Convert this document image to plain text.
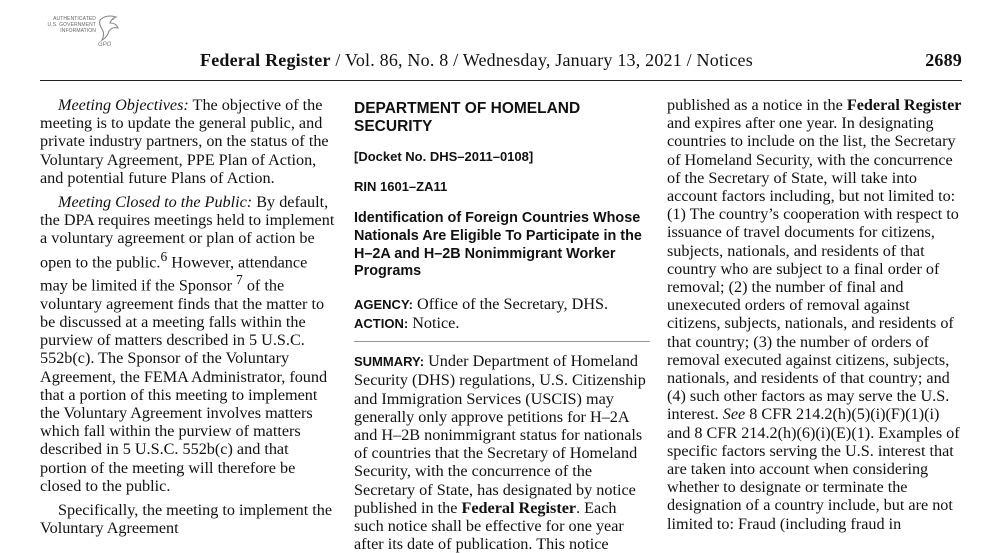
AUTHENTICATED
U.S. GOVERNMENT
INFORMATION
GPO
Federal Register / Vol. 86, No. 8 / Wednesday, January 13, 2021 / Notices	2689

Meeting Objectives: The objective of the meeting is to update the general public, and private industry partners, on the status of the Voluntary Agreement, PPE Plan of Action, and potential future Plans of Action.

Meeting Closed to the Public: By default, the DPA requires meetings held to implement a voluntary agreement or plan of action be open to the public.$^6$ However, attendance may be limited if the Sponsor $^7$ of the voluntary agreement finds that the matter to be discussed at a meeting falls within the purview of matters described in 5 U.S.C. 552b(c). The Sponsor of the Voluntary Agreement, the FEMA Administrator, found that a portion of this meeting to implement the Voluntary Agreement involves matters which fall within the purview of matters described in 5 U.S.C. 552b(c) and that portion of the meeting will therefore be closed to the public.

Specifically, the meeting to implement the Voluntary Agreement

DEPARTMENT OF HOMELAND SECURITY

[Docket No. DHS–2011–0108]

RIN 1601–ZA11

Identification of Foreign Countries Whose Nationals Are Eligible To Participate in the H–2A and H–2B Nonimmigrant Worker Programs

AGENCY: Office of the Secretary, DHS.

ACTION: Notice.

SUMMARY: Under Department of Homeland Security (DHS) regulations, U.S. Citizenship and Immigration Services (USCIS) may generally only approve petitions for H–2A and H–2B nonimmigrant status for nationals of countries that the Secretary of Homeland Security, with the concurrence of the Secretary of State, has designated by notice published in the Federal Register. Each such notice shall be effective for one year after its date of publication. This notice

published as a notice in the Federal Register and expires after one year. In designating countries to include on the list, the Secretary of Homeland Security, with the concurrence of the Secretary of State, will take into account factors including, but not limited to: (1) The country’s cooperation with respect to issuance of travel documents for citizens, subjects, nationals, and residents of that country who are subject to a final order of removal; (2) the number of final and unexecuted orders of removal against citizens, subjects, nationals, and residents of that country; (3) the number of orders of removal executed against citizens, subjects, nationals, and residents of that country; and (4) such other factors as may serve the U.S. interest. See 8 CFR 214.2(h)(5)(i)(F)(1)(i) and 8 CFR 214.2(h)(6)(i)(E)(1). Examples of specific factors serving the U.S. interest that are taken into account when considering whether to designate or terminate the designation of a country include, but are not limited to: Fraud (including fraud in
